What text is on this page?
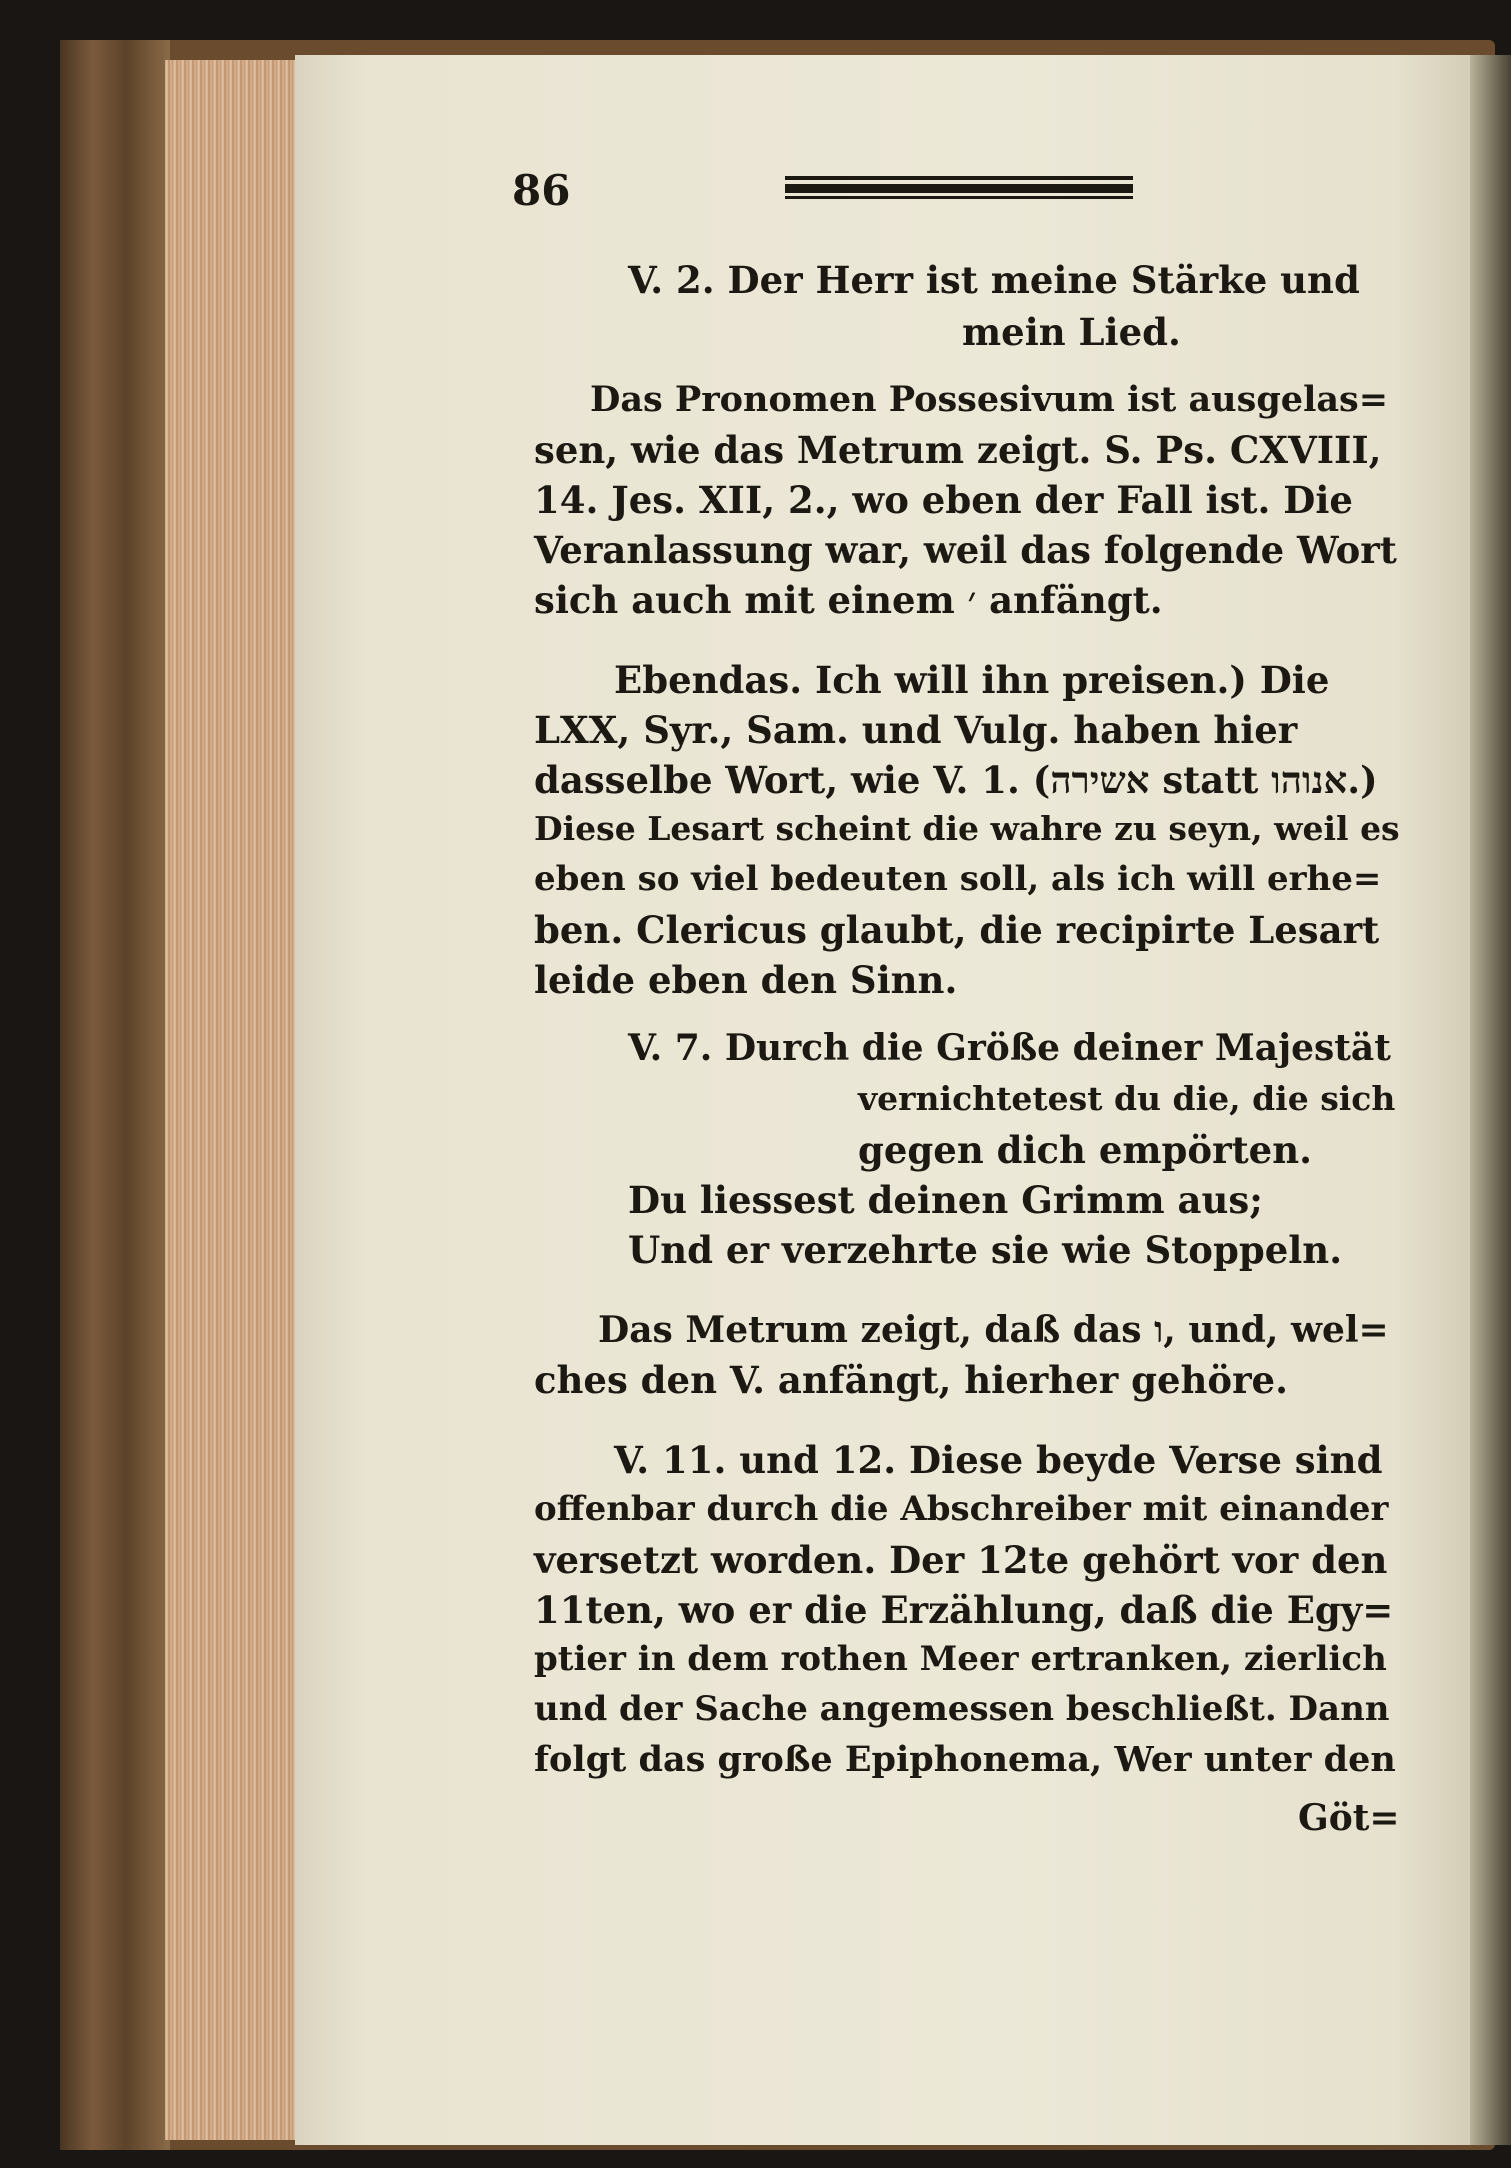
86
V. 2. Der Herr ist meine Stärke und
mein Lied.
Das Pronomen Possesivum ist ausgelas=
sen, wie das Metrum zeigt. S. Ps. CXVIII,
14. Jes. XII, 2., wo eben der Fall ist. Die
Veranlassung war, weil das folgende Wort
sich auch mit einem ׳ anfängt.
Ebendas. Ich will ihn preisen.) Die
LXX, Syr., Sam. und Vulg. haben hier
dasselbe Wort, wie V. 1. (אשירה statt אנוהו.)
Diese Lesart scheint die wahre zu seyn, weil es
eben so viel bedeuten soll, als ich will erhe=
ben. Clericus glaubt, die recipirte Lesart
leide eben den Sinn.
V. 7. Durch die Größe deiner Majestät
vernichtetest du die, die sich
gegen dich empörten.
Du liessest deinen Grimm aus;
Und er verzehrte sie wie Stoppeln.
Das Metrum zeigt, daß das ו, und, wel=
ches den V. anfängt, hierher gehöre.
V. 11. und 12. Diese beyde Verse sind
offenbar durch die Abschreiber mit einander
versetzt worden. Der 12te gehört vor den
11ten, wo er die Erzählung, daß die Egy=
ptier in dem rothen Meer ertranken, zierlich
und der Sache angemessen beschließt. Dann
folgt das große Epiphonema, Wer unter den
Göt=
